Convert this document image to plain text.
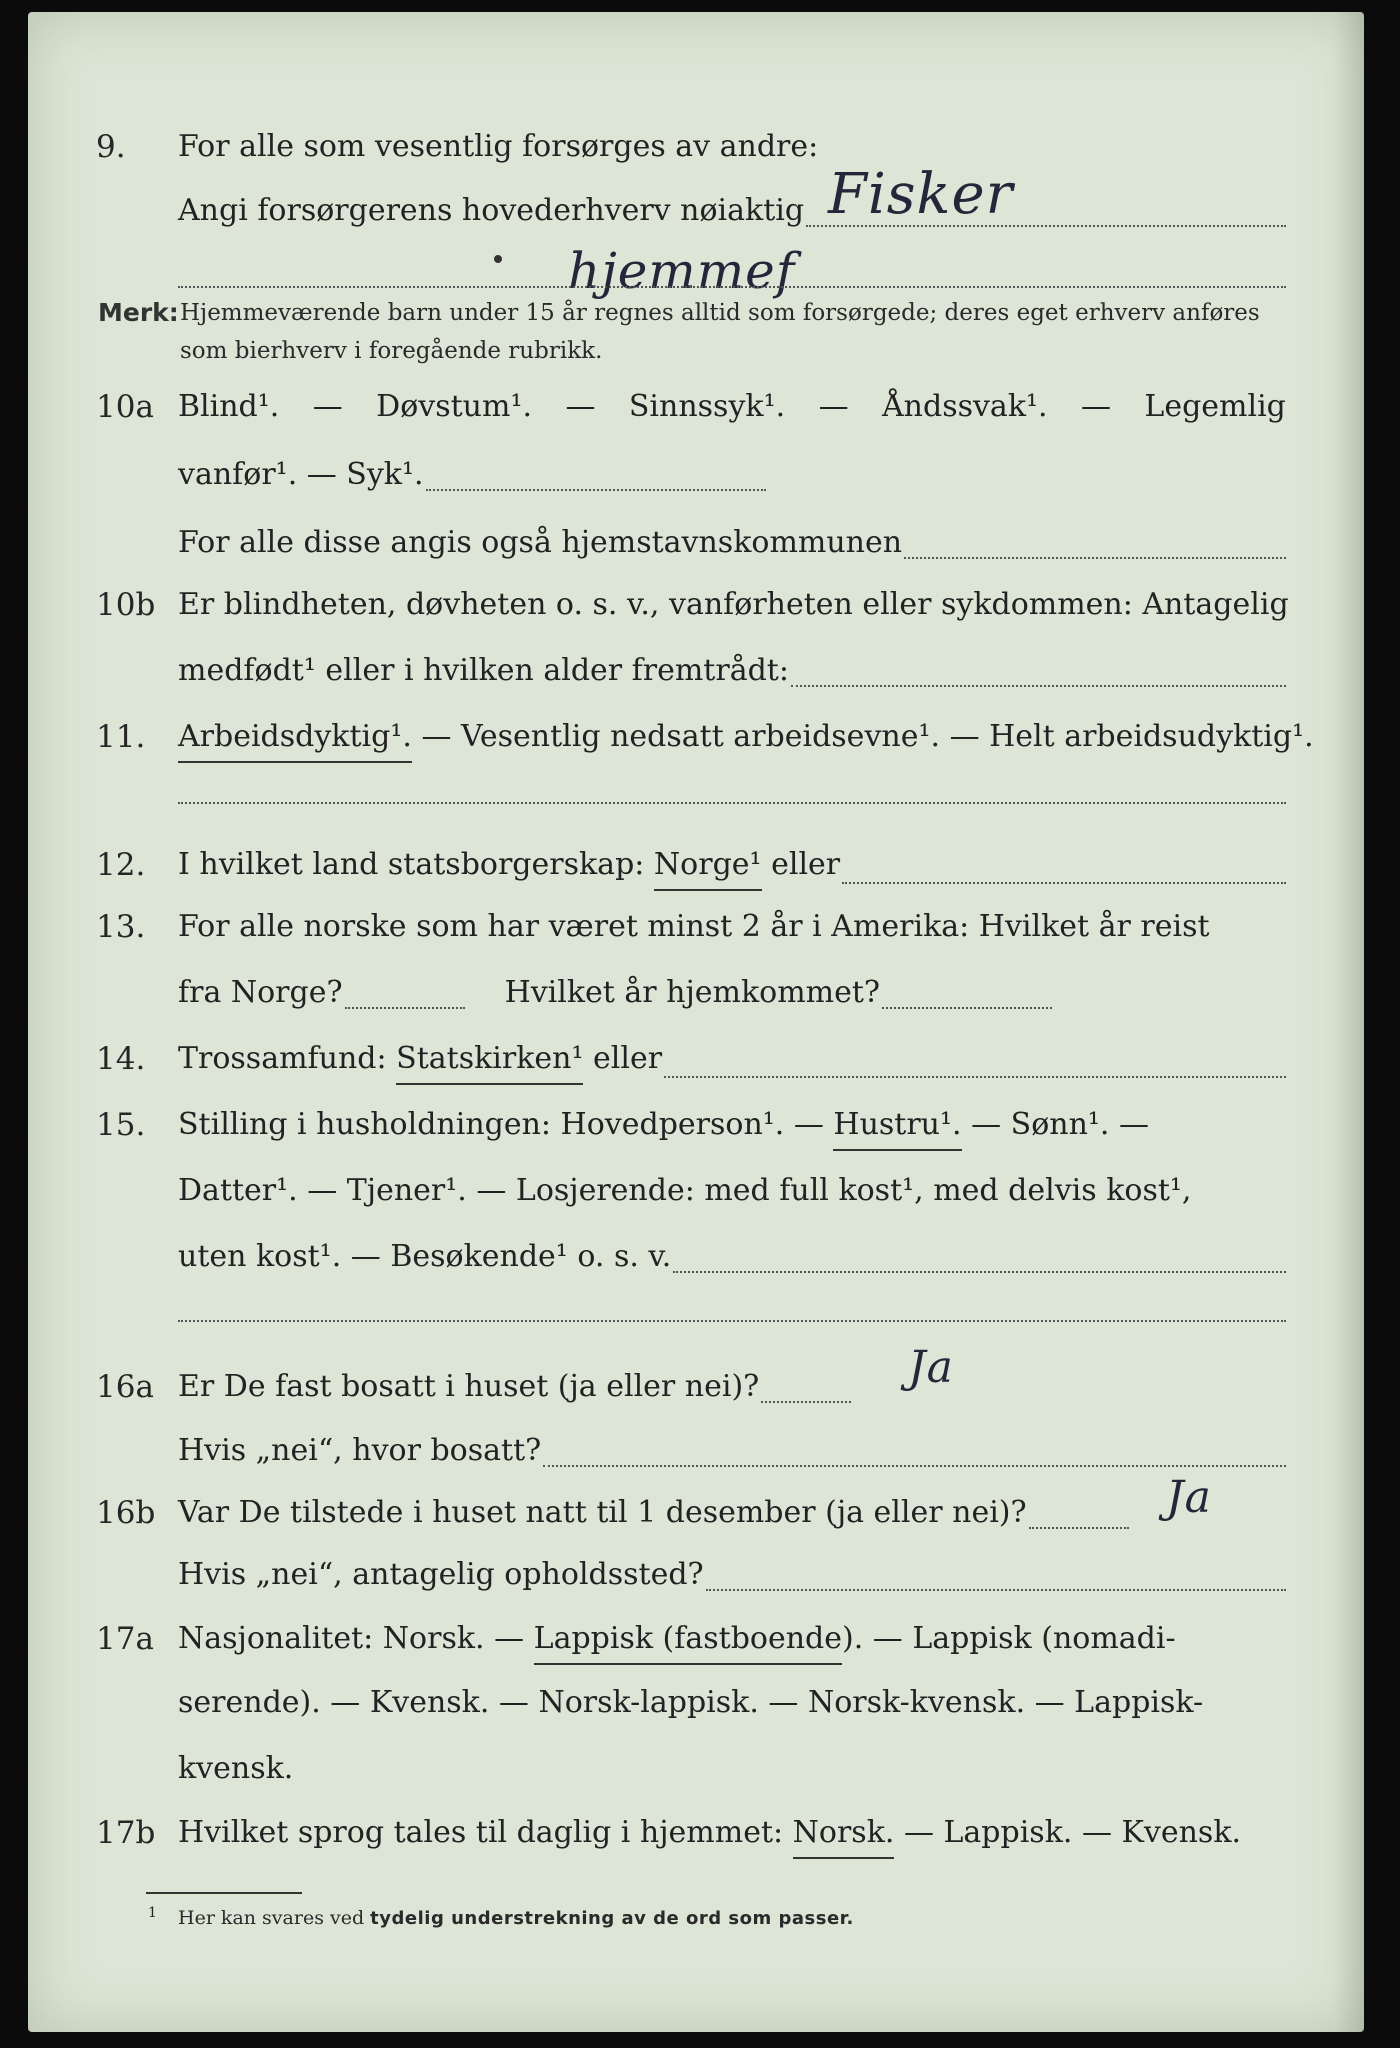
9.	For alle som vesentlig forsørges av andre:
Angi forsørgerens hovederhverv nøiaktig Fisker
hjemmef
Merk: Hjemmeværende barn under 15 år regnes alltid som forsørgede; deres eget erhverv anføres som bierhverv i foregående rubrikk.
10a Blind¹. — Døvstum¹. — Sinnssyk¹. — Åndssvak¹. — Legemlig
vanfør¹. — Syk¹.
For alle disse angis også hjemstavnskommunen
10b Er blindheten, døvheten o. s. v., vanførheten eller sykdommen: Antagelig
medfødt¹ eller i hvilken alder fremtrådt:
11.	Arbeidsdyktig¹. — Vesentlig nedsatt arbeidsevne¹. — Helt arbeidsudyktig¹.
12.	I hvilket land statsborgerskap: Norge¹ eller
13.	For alle norske som har været minst 2 år i Amerika: Hvilket år reist
fra Norge?	Hvilket år hjemkommet?
14.	Trossamfund: Statskirken¹ eller
15.	Stilling i husholdningen: Hovedperson¹. — Hustru¹. — Sønn¹. —
Datter¹. — Tjener¹. — Losjerende: med full kost¹, med delvis kost¹,
uten kost¹. — Besøkende¹ o. s. v.
16a Er De fast bosatt i huset (ja eller nei)?	Ja
Hvis „nei“, hvor bosatt?
16b Var De tilstede i huset natt til 1 desember (ja eller nei)?	Ja
Hvis „nei“, antagelig opholdssted?
17a Nasjonalitet: Norsk. — Lappisk (fastboende ). — Lappisk (nomadi-
serende). — Kvensk. — Norsk-lappisk. — Norsk-kvensk. — Lappisk-
kvensk.
17b Hvilket sprog tales til daglig i hjemmet: Norsk. — Lappisk. — Kvensk.
1 Her kan svares ved tydelig understrekning av de ord som passer.
